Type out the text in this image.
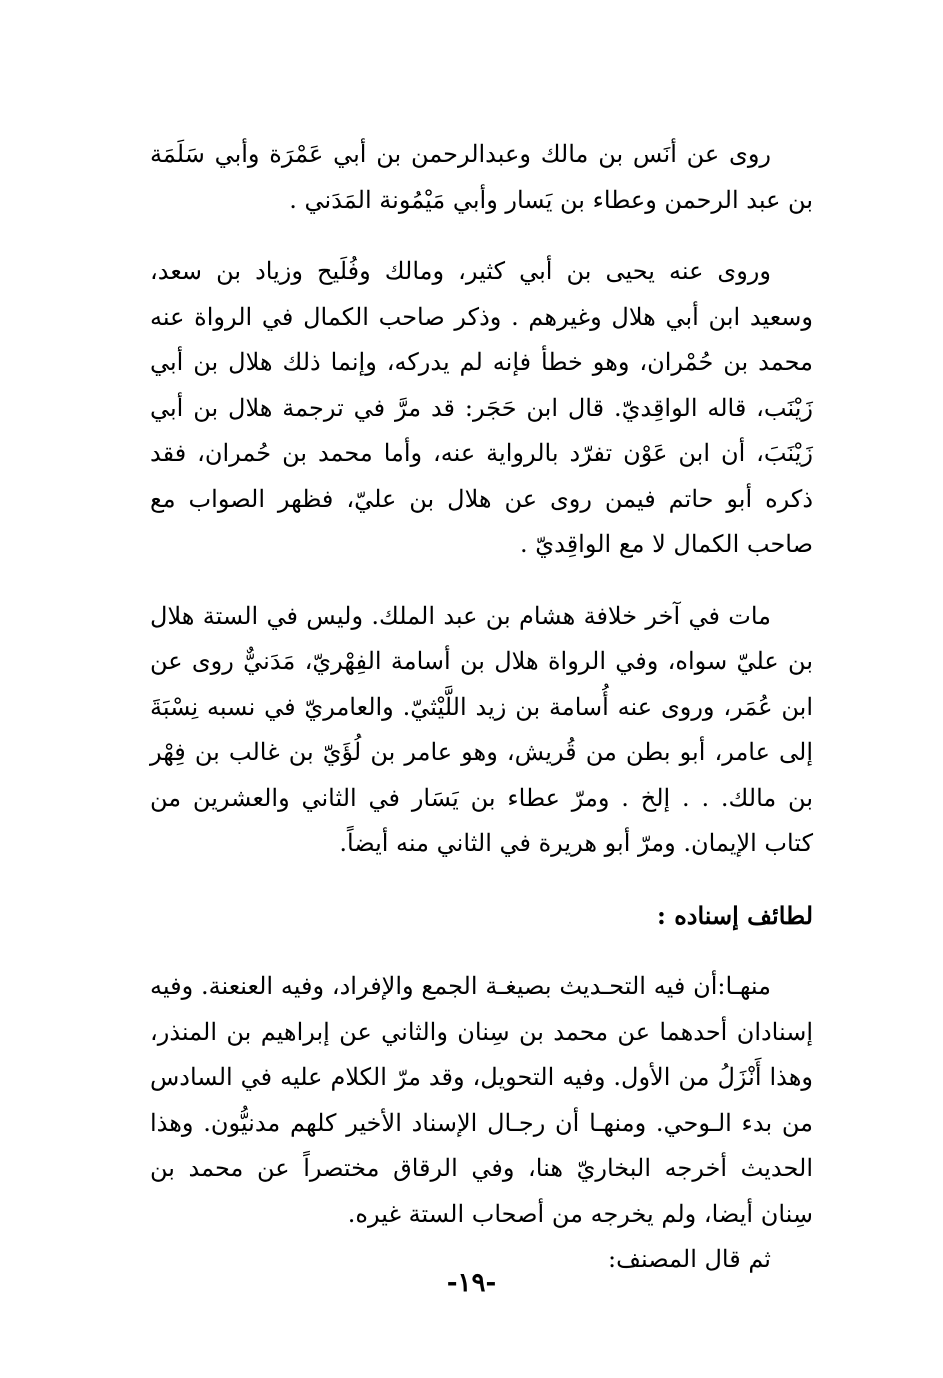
روى عن أنَس بن مالك وعبدالرحمن بن أبي عَمْرَة وأبي سَلَمَة بن عبد الرحمن وعطاء بن يَسار وأبي مَيْمُونة المَدَني .

وروى عنه يحيى بن أبي كثير، ومالك وفُلَيح وزياد بن سعد، وسعيد ابن أبي هلال وغيرهم . وذكر صاحب الكمال في الرواة عنه محمد بن حُمْران، وهو خطأ فإنه لم يدركه، وإنما ذلك هلال بن أبي زَيْنَب، قاله الواقِديّ. قال ابن حَجَر: قد مرَّ في ترجمة هلال بن أبي زَيْنَبَ، أن ابن عَوْن تفرّد بالرواية عنه، وأما محمد بن حُمران، فقد ذكره أبو حاتم فيمن روى عن هلال بن عليّ، فظهر الصواب مع صاحب الكمال لا مع الواقِديّ .

مات في آخر خلافة هشام بن عبد الملك. وليس في الستة هلال بن عليّ سواه، وفي الرواة هلال بن أسامة الفِهْريّ، مَدَنيٌّ روى عن ابن عُمَر، وروى عنه أُسامة بن زيد اللَّيْثيّ. والعامريّ في نسبه نِسْبَةَ إلى عامر، أبو بطن من قُريش، وهو عامر بن لُؤَيّ بن غالب بن فِهْر بن مالك. . . إلخ . ومرّ عطاء بن يَسَار في الثاني والعشرين من كتاب الإيمان. ومرّ أبو هريرة في الثاني منه أيضاً.

لطائف إسناده :

منهـا:أن فيه التحـديث بصيغـة الجمع والإفراد، وفيه العنعنة. وفيه إسنادان أحدهما عن محمد بن سِنان والثاني عن إبراهيم بن المنذر، وهذا أَنْزَلُ من الأول. وفيه التحويل، وقد مرّ الكلام عليه في السادس من بدء الـوحي. ومنهـا أن رجـال الإسناد الأخير كلهم مدنيُّون. وهذا الحديث أخرجه البخاريّ هنا، وفي الرقاق مختصراً عن محمد بن سِنان أيضا، ولم يخرجه من أصحاب الستة غيره.

ثم قال المصنف:

-١٩-
